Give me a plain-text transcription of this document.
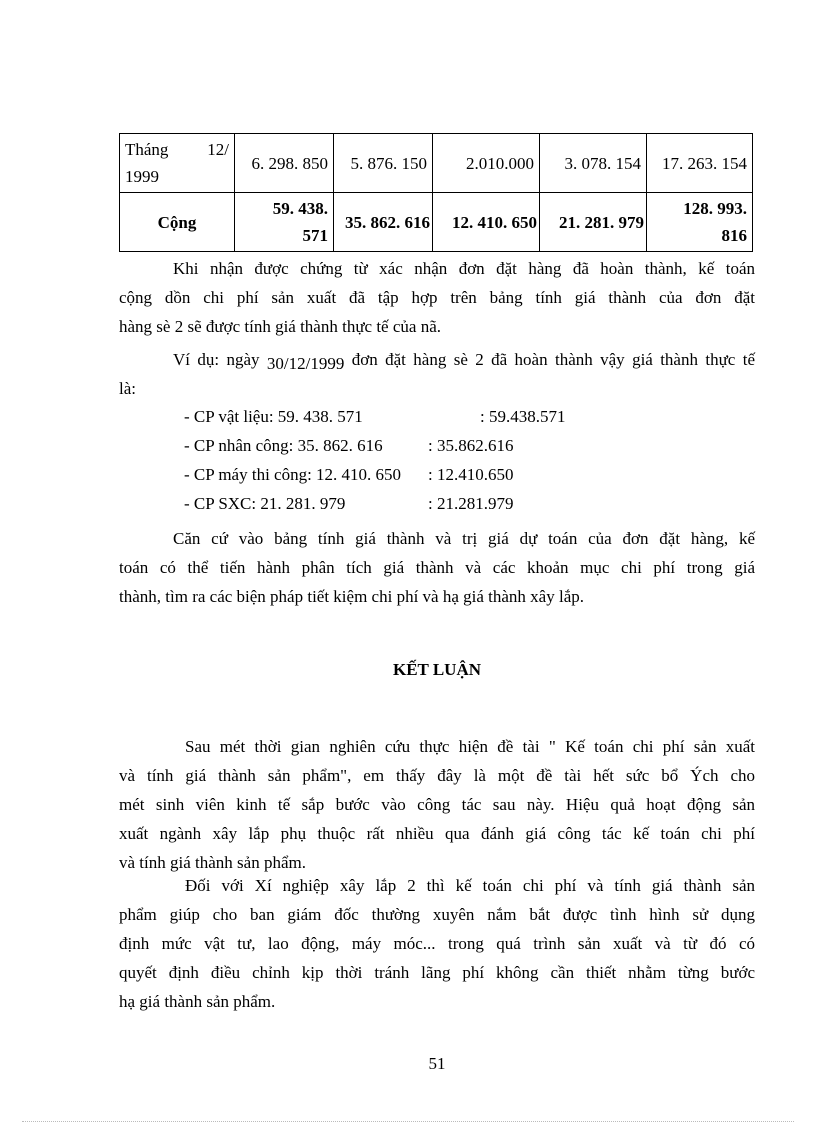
Tháng 12/
1999	6. 298. 850	5. 876. 150	2.010.000	3. 078. 154	17. 263. 154
Cộng	59. 438.
571	35. 862. 616	12. 410. 650	21. 281. 979	128. 993.
816

Khi nhận được chứng từ xác nhận đơn đặt hàng đã hoàn thành, kế toán
cộng dồn chi phí sản xuất đã tập hợp trên bảng tính giá thành của đơn đặt
hàng sè 2 sẽ được tính giá thành thực tế của nã.

Ví dụ: ngày 30/12/1999 đơn đặt hàng sè 2 đã hoàn thành vậy giá thành thực tế
là:

- CP vật liệu: 59. 438. 571	: 59.438.571
- CP nhân công: 35. 862. 616	: 35.862.616
- CP máy thi công: 12. 410. 650 : 12.410.650
- CP SXC: 21. 281. 979	: 21.281.979

Căn cứ vào bảng tính giá thành và trị giá dự toán của đơn đặt hàng, kế
toán có thể tiến hành phân tích giá thành và các khoản mục chi phí trong giá
thành, tìm ra các biện pháp tiết kiệm chi phí và hạ giá thành xây lắp.

KẾT LUẬN

Sau mét thời gian nghiên cứu thực hiện đề tài " Kế toán chi phí sản xuất
và tính giá thành sản phẩm", em thấy đây là một đề tài hết sức bổ Ých cho
mét sinh viên kinh tế sắp bước vào công tác sau này. Hiệu quả hoạt động sản
xuất ngành xây lắp phụ thuộc rất nhiều qua đánh giá công tác kế toán chi phí
và tính giá thành sản phẩm.

Đối với Xí nghiệp xây lắp 2 thì kế toán chi phí và tính giá thành sản
phẩm giúp cho ban giám đốc thường xuyên nắm bắt được tình hình sử dụng
định mức vật tư, lao động, máy móc... trong quá trình sản xuất và từ đó có
quyết định điều chỉnh kịp thời tránh lãng phí không cần thiết nhằm từng bước
hạ giá thành sản phẩm.

51
